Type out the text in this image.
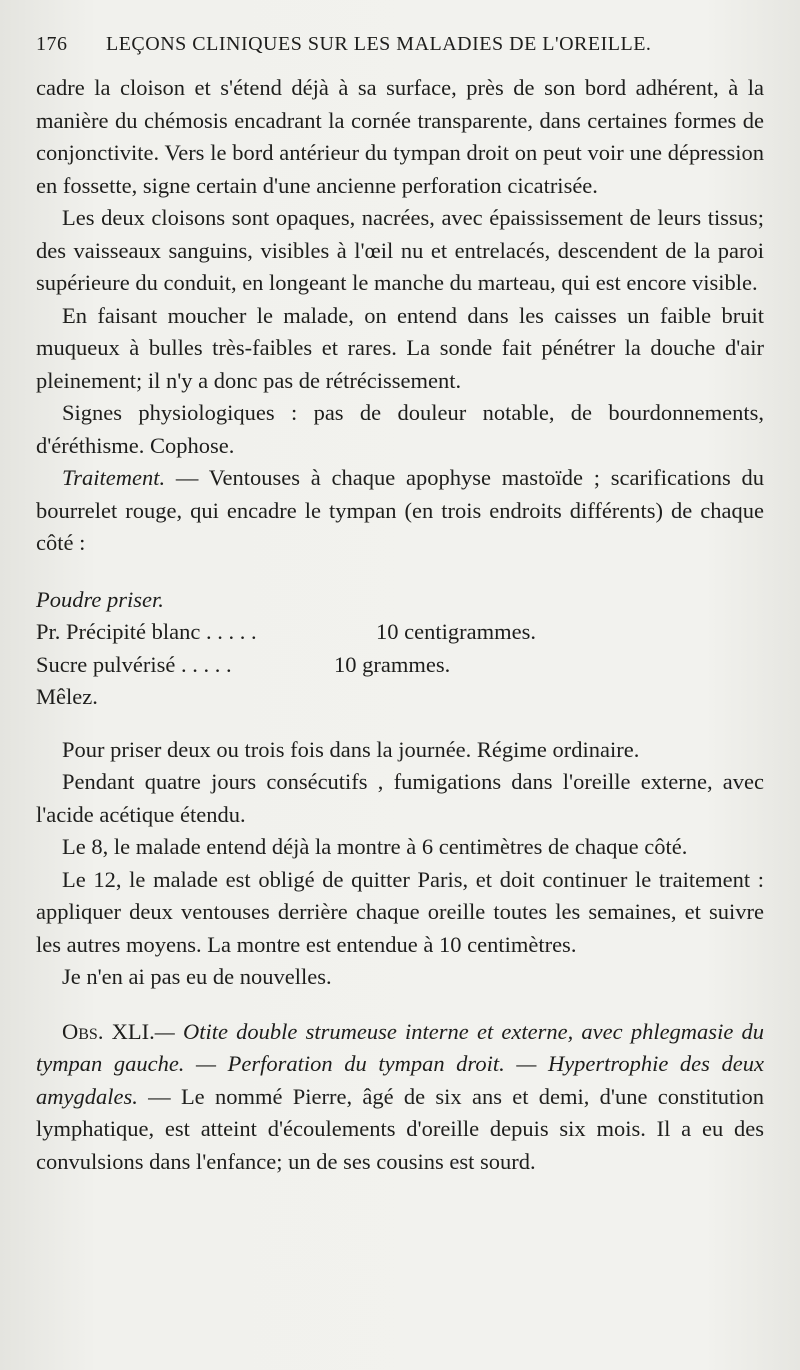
176 LEÇONS CLINIQUES SUR LES MALADIES DE L'OREILLE.

cadre la cloison et s'étend déjà à sa surface, près de son bord adhérent, à la manière du chémosis encadrant la cornée transparente, dans certaines formes de conjonctivite. Vers le bord antérieur du tympan droit on peut voir une dépression en fossette, signe certain d'une ancienne perforation cicatrisée.

Les deux cloisons sont opaques, nacrées, avec épaississement de leurs tissus; des vaisseaux sanguins, visibles à l'œil nu et entrelacés, descendent de la paroi supérieure du conduit, en longeant le manche du marteau, qui est encore visible.

En faisant moucher le malade, on entend dans les caisses un faible bruit muqueux à bulles très-faibles et rares. La sonde fait pénétrer la douche d'air pleinement; il n'y a donc pas de rétrécissement.

Signes physiologiques : pas de douleur notable, de bourdonnements, d'éréthisme. Cophose.

Traitement. — Ventouses à chaque apophyse mastoïde ; scarifications du bourrelet rouge, qui encadre le tympan (en trois endroits différents) de chaque côté :

Poudre priser.

Pr. Précipité blanc . . . . .	10 centigrammes.

Sucre pulvérisé . . . . .	10 grammes.

Mêlez.

Pour priser deux ou trois fois dans la journée. Régime ordinaire.

Pendant quatre jours consécutifs , fumigations dans l'oreille externe, avec l'acide acétique étendu.

Le 8, le malade entend déjà la montre à 6 centimètres de chaque côté.

Le 12, le malade est obligé de quitter Paris, et doit continuer le traitement : appliquer deux ventouses derrière chaque oreille toutes les semaines, et suivre les autres moyens. La montre est entendue à 10 centimètres.

Je n'en ai pas eu de nouvelles.

Obs. XLI.— Otite double strumeuse interne et externe, avec phlegmasie du tympan gauche. — Perforation du tympan droit. — Hypertrophie des deux amygdales. — Le nommé Pierre, âgé de six ans et demi, d'une constitution lymphatique, est atteint d'écoulements d'oreille depuis six mois. Il a eu des convulsions dans l'enfance; un de ses cousins est sourd.
